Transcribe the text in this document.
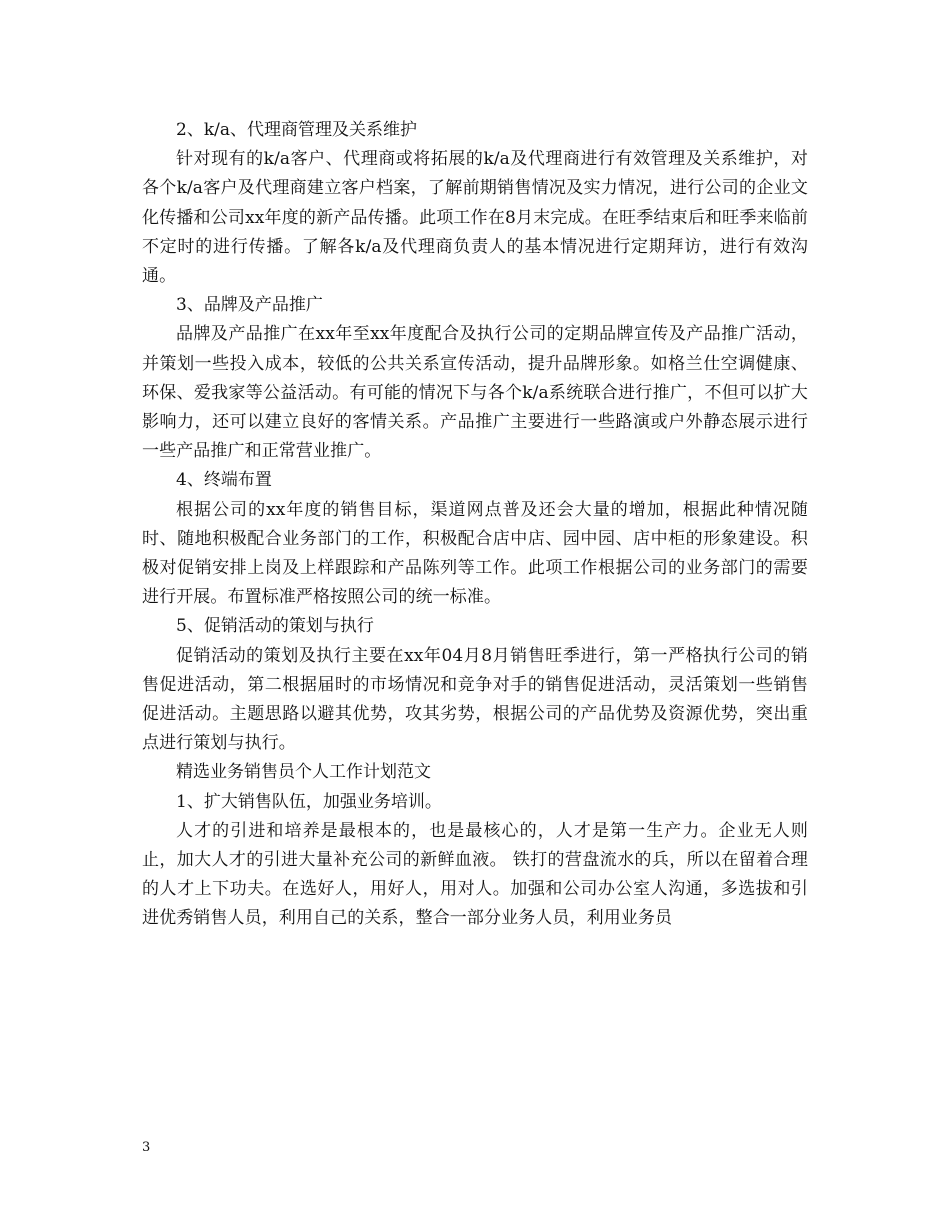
2、k/a、代理商管理及关系维护

针对现有的k/a客户、代理商或将拓展的k/a及代理商进行有效管理及关系维护，对各个k/a客户及代理商建立客户档案，了解前期销售情况及实力情况，进行公司的企业文化传播和公司xx年度的新产品传播。此项工作在8月末完成。在旺季结束后和旺季来临前不定时的进行传播。了解各k/a及代理商负责人的基本情况进行定期拜访，进行有效沟通。

3、品牌及产品推广

品牌及产品推广在xx年至xx年度配合及执行公司的定期品牌宣传及产品推广活动，并策划一些投入成本，较低的公共关系宣传活动，提升品牌形象。如格兰仕空调健康、环保、爱我家等公益活动。有可能的情况下与各个k/a系统联合进行推广，不但可以扩大影响力，还可以建立良好的客情关系。产品推广主要进行一些路演或户外静态展示进行一些产品推广和正常营业推广。

4、终端布置

根据公司的xx年度的销售目标，渠道网点普及还会大量的增加，根据此种情况随时、随地积极配合业务部门的工作，积极配合店中店、园中园、店中柜的形象建设。积极对促销安排上岗及上样跟踪和产品陈列等工作。此项工作根据公司的业务部门的需要进行开展。布置标准严格按照公司的统一标准。

5、促销活动的策划与执行

促销活动的策划及执行主要在xx年04月8月销售旺季进行，第一严格执行公司的销售促进活动，第二根据届时的市场情况和竞争对手的销售促进活动，灵活策划一些销售促进活动。主题思路以避其优势，攻其劣势，根据公司的产品优势及资源优势，突出重点进行策划与执行。

精选业务销售员个人工作计划范文

1、扩大销售队伍，加强业务培训。

人才的引进和培养是最根本的，也是最核心的，人才是第一生产力。企业无人则止，加大人才的引进大量补充公司的新鲜血液。 铁打的营盘流水的兵，所以在留着合理的人才上下功夫。在选好人，用好人，用对人。加强和公司办公室人沟通，多选拔和引进优秀销售人员，利用自己的关系，整合一部分业务人员，利用业务员

3
